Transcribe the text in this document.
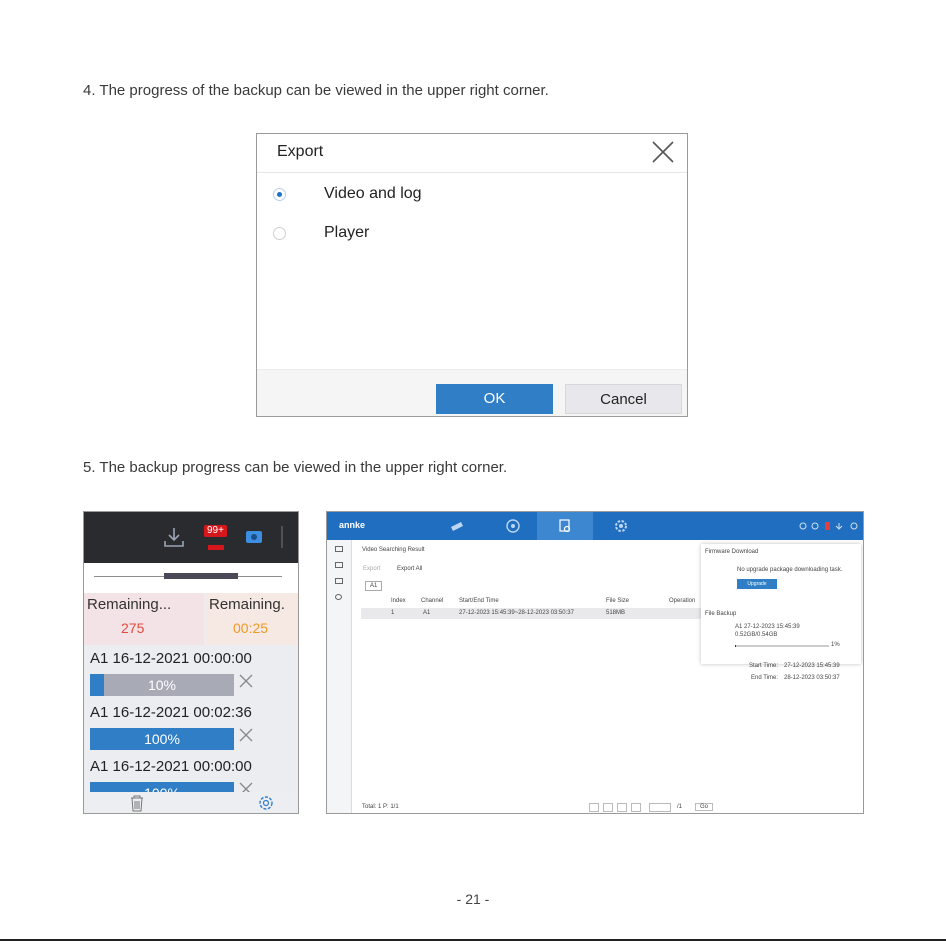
4. The progress of the backup can be viewed in the upper right corner.
Export
Video and log
Player
OK	Cancel
5. The backup progress can be viewed in the upper right corner.
99+
Remaining...
275
Remaining.
00:25
A1 16-12-2021 00:00:00
10%
A1 16-12-2021 00:02:36
100%
A1 16-12-2021 00:00:00
annke
Video Searching Result
Export	Export All
A1
Index	Channel	Start/End Time	File Size	Operation
1	A1	27-12-2023 15:45:39~28-12-2023 03:50:37	518MB
Firmware Download
No upgrade package downloading task.
Upgrade
File Backup
A1 27-12-2023 15:45:39
0.52GB/0.54GB
1%
Start Time: 27-12-2023 15:45:39
End Time: 28-12-2023 03:50:37
Total: 1 P: 1/1	/1	Go
- 21 -
